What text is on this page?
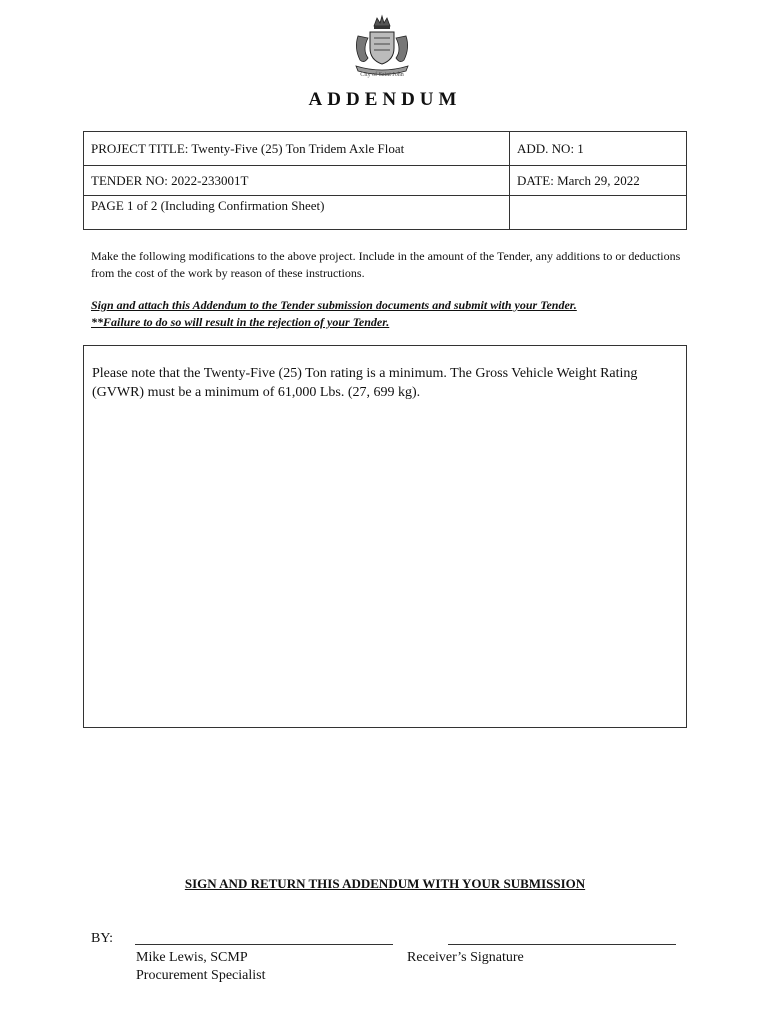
City of Saint John
ADDENDUM
PROJECT TITLE: Twenty-Five (25) Ton Tridem Axle Float	ADD. NO: 1
TENDER NO: 2022-233001T	DATE: March 29, 2022
PAGE 1 of 2 (Including Confirmation Sheet)	
Make the following modifications to the above project. Include in the amount of the Tender, any additions to or deductions from the cost of the work by reason of these instructions.
Sign and attach this Addendum to the Tender submission documents and submit with your Tender.
**Failure to do so will result in the rejection of your Tender.
Please note that the Twenty-Five (25) Ton rating is a minimum. The Gross Vehicle Weight Rating (GVWR) must be a minimum of 61,000 Lbs. (27, 699 kg).
SIGN AND RETURN THIS ADDENDUM WITH YOUR SUBMISSION
BY:
Mike Lewis, SCMP
Procurement Specialist
Receiver’s Signature
